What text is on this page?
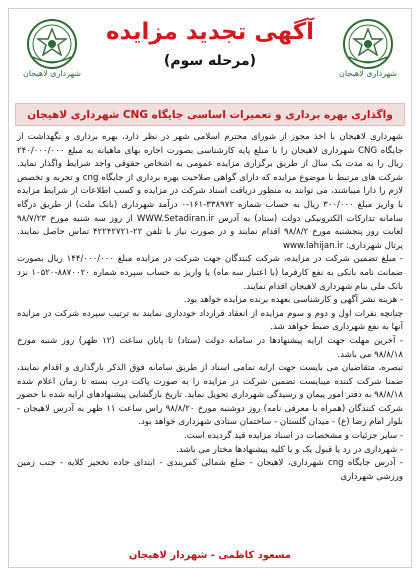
شهرداری لاهیجان
شهرداری لاهیجان
آگهی تجدید مزایده
(مرحله سوم)
واگذاری بهره برداری و تعمیرات اساسی جایگاه CNG شهرداری لاهیجان

شهرداری لاهیجان با اخذ مجوز از شورای محترم اسلامی شهر در نظر دارد، بهره برداری و نگهداشت از جایگاه CNG شهرداری لاهیجان را با مبلغ پایه کارشناسی بصورت اجاره بهای ماهیانه به مبلغ ۲۴۰/۰۰۰/۰۰۰ ریال را به مدت یک سال از طریق برگزاری مزایده عمومی به اشخاص حقوقی واجد شرایط واگذار نماید. شرکت های مرتبط با موضوع مزایده که دارای گواهی صلاحیت بهره برداری از جایگاه cng و تجربه و تخصص لازم را دارا میباشند، می توانند به منظور دریافت اسناد شرکت در مزایده و کسب اطلاعات از شرایط مزایده با واریز مبلغ ۳۰۰/۰۰۰ ریال به حساب شماره ۳۳۸۹۷۲-۱۶۱-۰ درآمد شهرداری (بانک ملت) از طریق درگاه سامانه تدارکات الکترونیکی دولت (ستاد) به آدرس WWW.Setadiran.ir از روز سه شنبه مورخ ۹۸/۷/۲۳ لغایت روز پنجشنبه مورخ ۹۸/۸/۲ اقدام نمایند و در صورت نیاز با تلفن ۲۲-۴۲۲۴۲۷۲۱ تماس حاصل نمایند. پرتال شهرداری: www.lahijan.ir

- مبلغ تضمین شرکت در مزایده، شرکت کنندگان جهت شرکت در مزایده مبلغ ۱۴۴/۰۰۰/۰۰۰ ریال بصورت ضمانت نامه بانکی به نفع کارفرما (با اعتبار سه ماه) یا واریز به حساب سپرده شماره ۸۸۷۰۰۲۰-۱۰۵۲۰ نزد بانک ملی بنام شهرداری لاهیجان اقدام نمایند.

- هزینه نشر آگهی و کارشناسی بعهده برنده مزایده خواهد بود.

چنانچه نفرات اول و دوم و سوم مزایده از انعقاد قرارداد خودداری نمایند به ترتیب سپرده شرکت در مزایده آنها به نفع شهرداری ضبط خواهد شد.

- آخرین مهلت جهت ارایه پیشنهادها در سامانه دولت (ستاد) تا پایان ساعت (۱۲ ظهر) روز شنبه مورخ ۹۸/۸/۱۸ می باشد.

تبصره، متقاضیان می بایست جهت ارایه تمامی اسناد از طریق سامانه فوق الذکر بارگذاری و اقدام نمایند، ضمنا شرکت کننده میبایست تضمین شرکت در مزایده را به صورت پاکت درب بسته تا زمان اعلام شده ۹۸/۸/۱۸ به دفتر امور پیمان و رسیدگی شهرداری تحویل نماید. تاریخ بازگشایی پیشنهادهای ارایه شده با حضور شرکت کنندگان (همراه با معرفی نامه) روز دوشنبه مورخ ۹۸/۸/۲۰ راس ساعت ۱۱ ظهر به آدرس لاهیجان - بلوار امام رضا (ع) - میدان گلستان - ساختمان ستادی شهرداری خواهد بود.

- سایر جزئیات و مشخصات در اسناد مزایده قید گردیده است.

- شهرداری در رد یا قبول یک و یا کلیه پیشنهادها مختار می باشد.

- آدرس جایگاه cng شهرداری، لاهیجان - ضلع شمالی کمربندی - ابتدای جاده نخجیر کلایه - جنب زمین ورزشی شهرداری

مسعود کاظمی - شهردار لاهیجان
